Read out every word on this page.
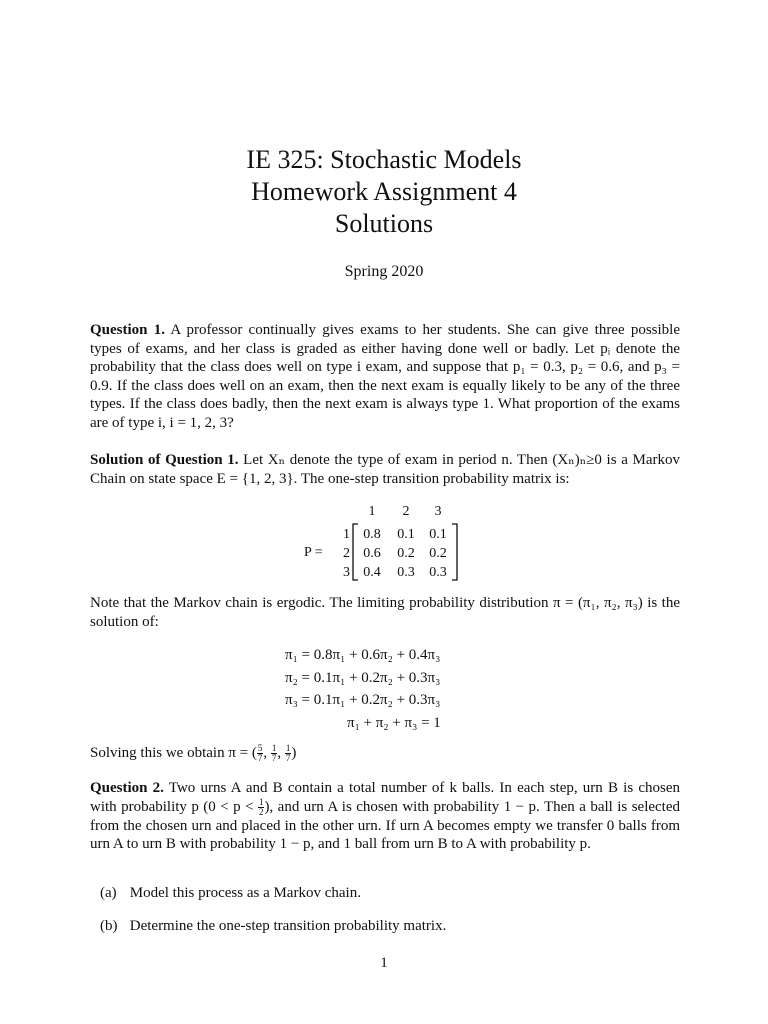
IE 325: Stochastic Models
Homework Assignment 4
Solutions
Spring 2020
Question 1. A professor continually gives exams to her students. She can give three possible types of exams, and her class is graded as either having done well or badly. Let pᵢ denote the probability that the class does well on type i exam, and suppose that p₁ = 0.3, p₂ = 0.6, and p₃ = 0.9. If the class does well on an exam, then the next exam is equally likely to be any of the three types. If the class does badly, then the next exam is always type 1. What proportion of the exams are of type i, i = 1, 2, 3?
Solution of Question 1. Let Xₙ denote the type of exam in period n. Then (Xₙ)ₙ≥0 is a Markov Chain on state space E = {1, 2, 3}. The one-step transition probability matrix is:
P =
1 2 3
1
2
3
0.8 0.1 0.1
0.6 0.2 0.2
0.4 0.3 0.3
Note that the Markov chain is ergodic. The limiting probability distribution π = (π₁, π₂, π₃) is the solution of:
π₁ = 0.8π₁ + 0.6π₂ + 0.4π₃
π₂ = 0.1π₁ + 0.2π₂ + 0.3π₃
π₃ = 0.1π₁ + 0.2π₂ + 0.3π₃
π₁ + π₂ + π₃ = 1
Solving this we obtain π = ( $\frac{5}{7}$ , $\frac{1}{7}$ , $\frac{1}{7}$ )
Question 2. Two urns A and B contain a total number of k balls. In each step, urn B is chosen with probability p ($0 < p < \frac{1}{2}$ ), and urn A is chosen with probability 1 − p. Then a ball is selected from the chosen urn and placed in the other urn. If urn A becomes empty we transfer 0 balls from urn A to urn B with probability 1 − p, and 1 ball from urn B to A with probability p.
(a) Model this process as a Markov chain.
(b) Determine the one-step transition probability matrix.
1
